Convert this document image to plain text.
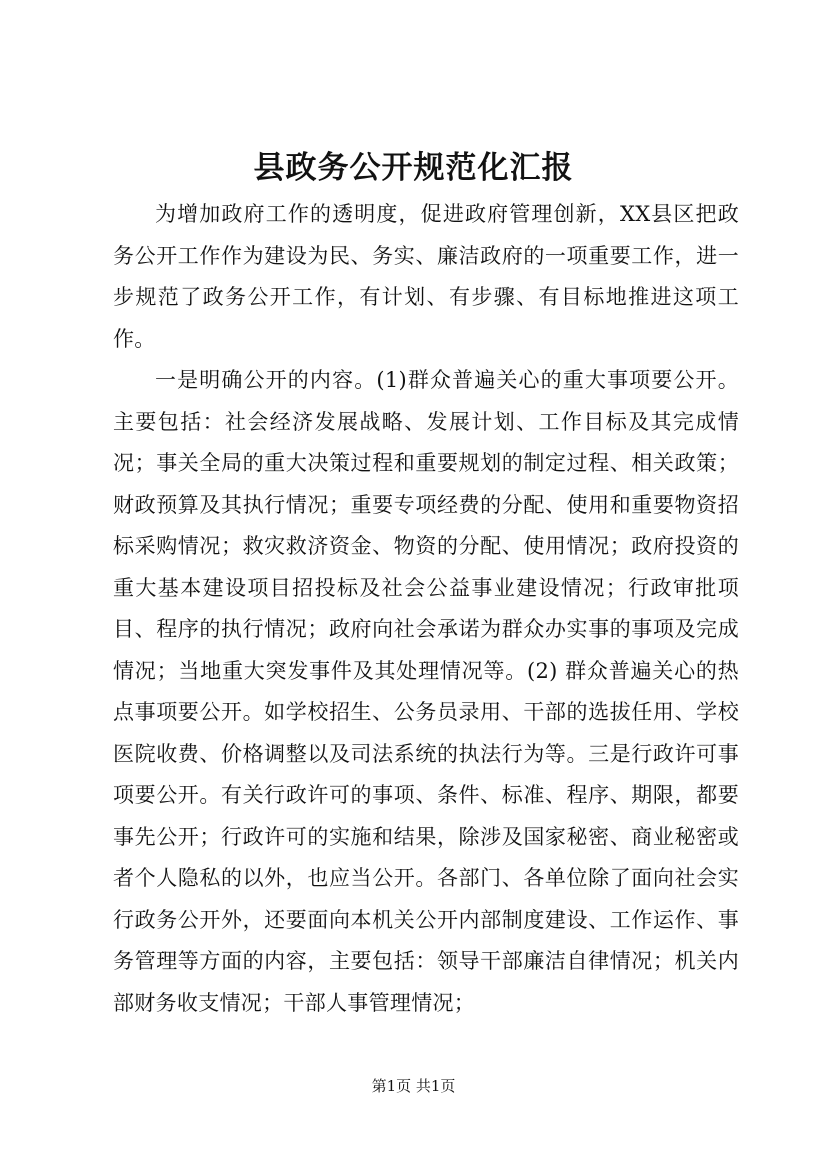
县政务公开规范化汇报

为增加政府工作的透明度，促进政府管理创新，XX县区把政务公开工作作为建设为民、务实、廉洁政府的一项重要工作，进一步规范了政务公开工作，有计划、有步骤、有目标地推进这项工作。

一是明确公开的内容。(1)群众普遍关心的重大事项要公开。主要包括：社会经济发展战略、发展计划、工作目标及其完成情况；事关全局的重大决策过程和重要规划的制定过程、相关政策；财政预算及其执行情况；重要专项经费的分配、使用和重要物资招标采购情况；救灾救济资金、物资的分配、使用情况；政府投资的重大基本建设项目招投标及社会公益事业建设情况；行政审批项目、程序的执行情况；政府向社会承诺为群众办实事的事项及完成情况；当地重大突发事件及其处理情况等。(2) 群众普遍关心的热点事项要公开。如学校招生、公务员录用、干部的选拔任用、学校医院收费、价格调整以及司法系统的执法行为等。三是行政许可事项要公开。有关行政许可的事项、条件、标准、程序、期限，都要事先公开；行政许可的实施和结果，除涉及国家秘密、商业秘密或者个人隐私的以外，也应当公开。各部门、各单位除了面向社会实行政务公开外，还要面向本机关公开内部制度建设、工作运作、事务管理等方面的内容，主要包括：领导干部廉洁自律情况；机关内部财务收支情况；干部人事管理情况；

第1页 共1页
